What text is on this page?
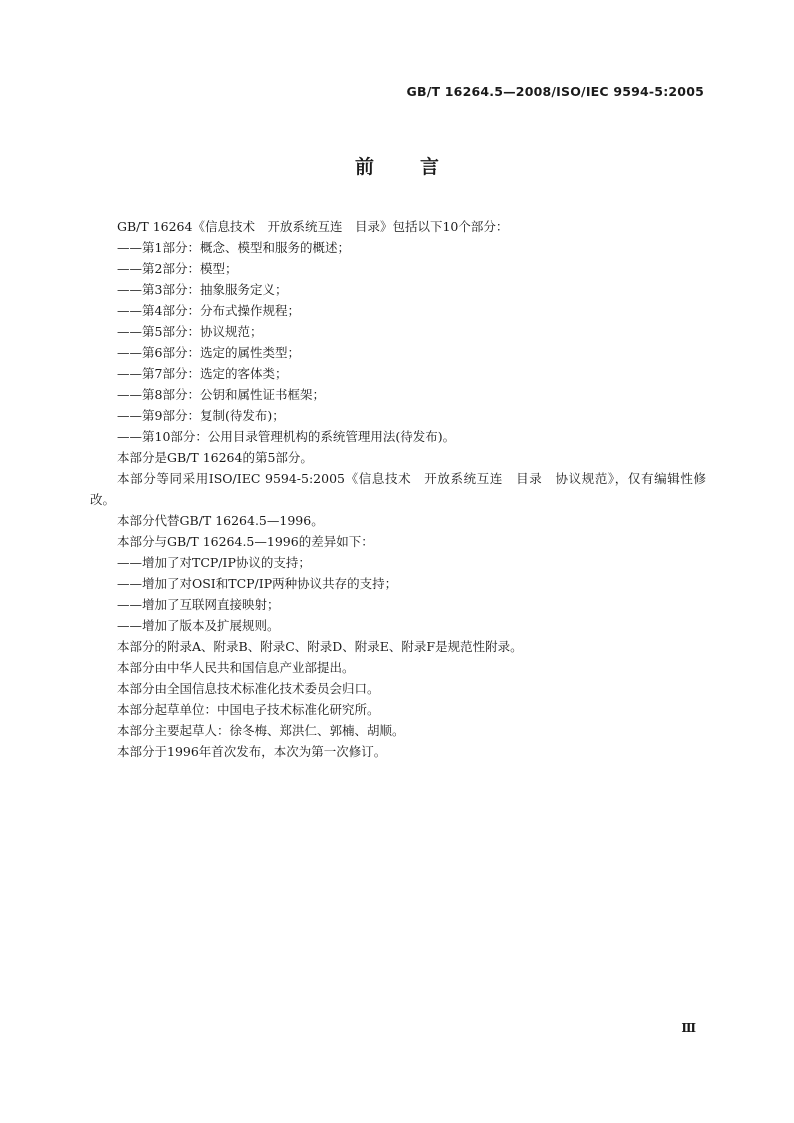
GB/T 16264.5—2008/ISO/IEC 9594-5:2005
前 言

GB/T 16264《信息技术　开放系统互连　目录》包括以下10个部分：

——第1部分：概念、模型和服务的概述；

——第2部分：模型；

——第3部分：抽象服务定义；

——第4部分：分布式操作规程；

——第5部分：协议规范；

——第6部分：选定的属性类型；

——第7部分：选定的客体类；

——第8部分：公钥和属性证书框架；

——第9部分：复制(待发布)；

——第10部分：公用目录管理机构的系统管理用法(待发布)。

本部分是GB/T 16264的第5部分。

本部分等同采用ISO/IEC 9594-5:2005《信息技术　开放系统互连　目录　协议规范》，仅有编辑性修改。

本部分代替GB/T 16264.5—1996。

本部分与GB/T 16264.5—1996的差异如下：

——增加了对TCP/IP协议的支持；

——增加了对OSI和TCP/IP两种协议共存的支持；

——增加了互联网直接映射；

——增加了版本及扩展规则。

本部分的附录A、附录B、附录C、附录D、附录E、附录F是规范性附录。

本部分由中华人民共和国信息产业部提出。

本部分由全国信息技术标准化技术委员会归口。

本部分起草单位：中国电子技术标准化研究所。

本部分主要起草人：徐冬梅、郑洪仁、郭楠、胡顺。

本部分于1996年首次发布，本次为第一次修订。

Ⅲ
